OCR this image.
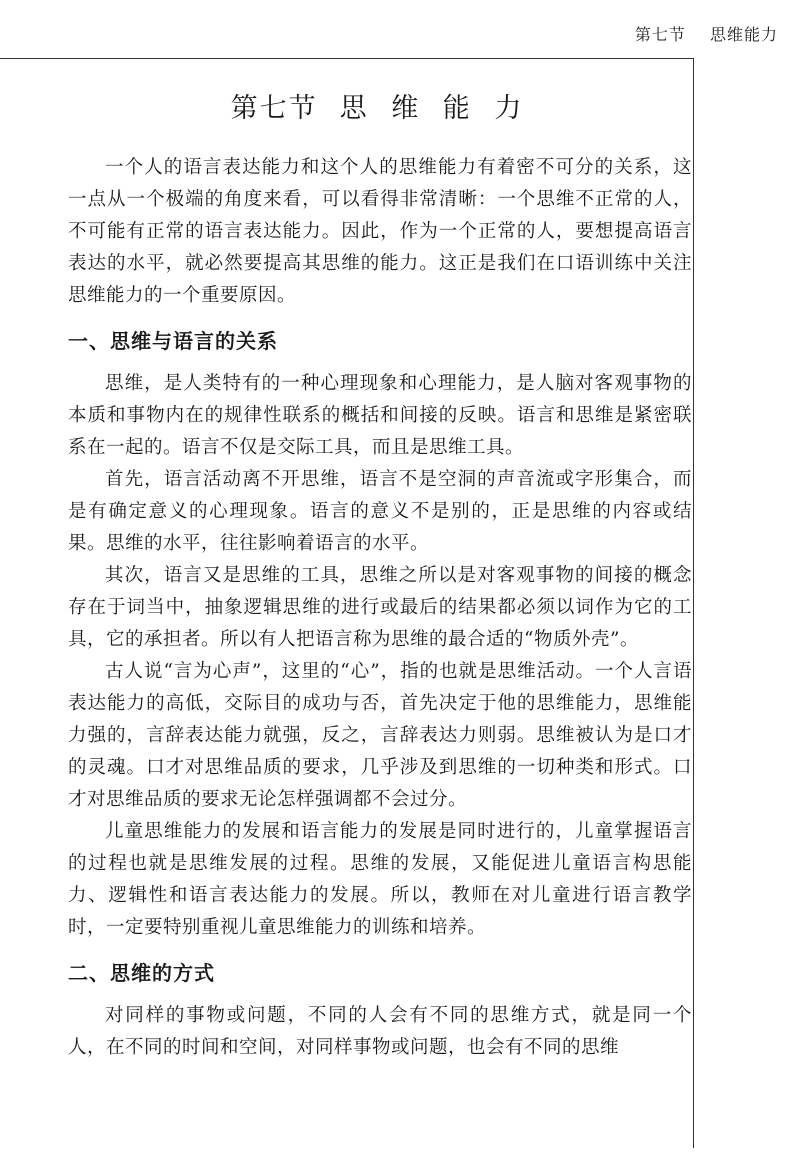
第七节 思维能力
第七节 思 维 能 力

一个人的语言表达能力和这个人的思维能力有着密不可分的关系，这一点从一个极端的角度来看，可以看得非常清晰：一个思维不正常的人，不可能有正常的语言表达能力。因此，作为一个正常的人，要想提高语言表达的水平，就必然要提高其思维的能力。这正是我们在口语训练中关注思维能力的一个重要原因。

一、思维与语言的关系

思维，是人类特有的一种心理现象和心理能力，是人脑对客观事物的本质和事物内在的规律性联系的概括和间接的反映。语言和思维是紧密联系在一起的。语言不仅是交际工具，而且是思维工具。

首先，语言活动离不开思维，语言不是空洞的声音流或字形集合，而是有确定意义的心理现象。语言的意义不是别的，正是思维的内容或结果。思维的水平，往往影响着语言的水平。

其次，语言又是思维的工具，思维之所以是对客观事物的间接的概念存在于词当中，抽象逻辑思维的进行或最后的结果都必须以词作为它的工具，它的承担者。所以有人把语言称为思维的最合适的“物质外壳”。

古人说“言为心声”，这里的“心”，指的也就是思维活动。一个人言语表达能力的高低，交际目的成功与否，首先决定于他的思维能力，思维能力强的，言辞表达能力就强，反之，言辞表达力则弱。思维被认为是口才的灵魂。口才对思维品质的要求，几乎涉及到思维的一切种类和形式。口才对思维品质的要求无论怎样强调都不会过分。

儿童思维能力的发展和语言能力的发展是同时进行的，儿童掌握语言的过程也就是思维发展的过程。思维的发展，又能促进儿童语言构思能力、逻辑性和语言表达能力的发展。所以，教师在对儿童进行语言教学时，一定要特别重视儿童思维能力的训练和培养。

二、思维的方式

对同样的事物或问题，不同的人会有不同的思维方式，就是同一个人，在不同的时间和空间，对同样事物或问题，也会有不同的思维
